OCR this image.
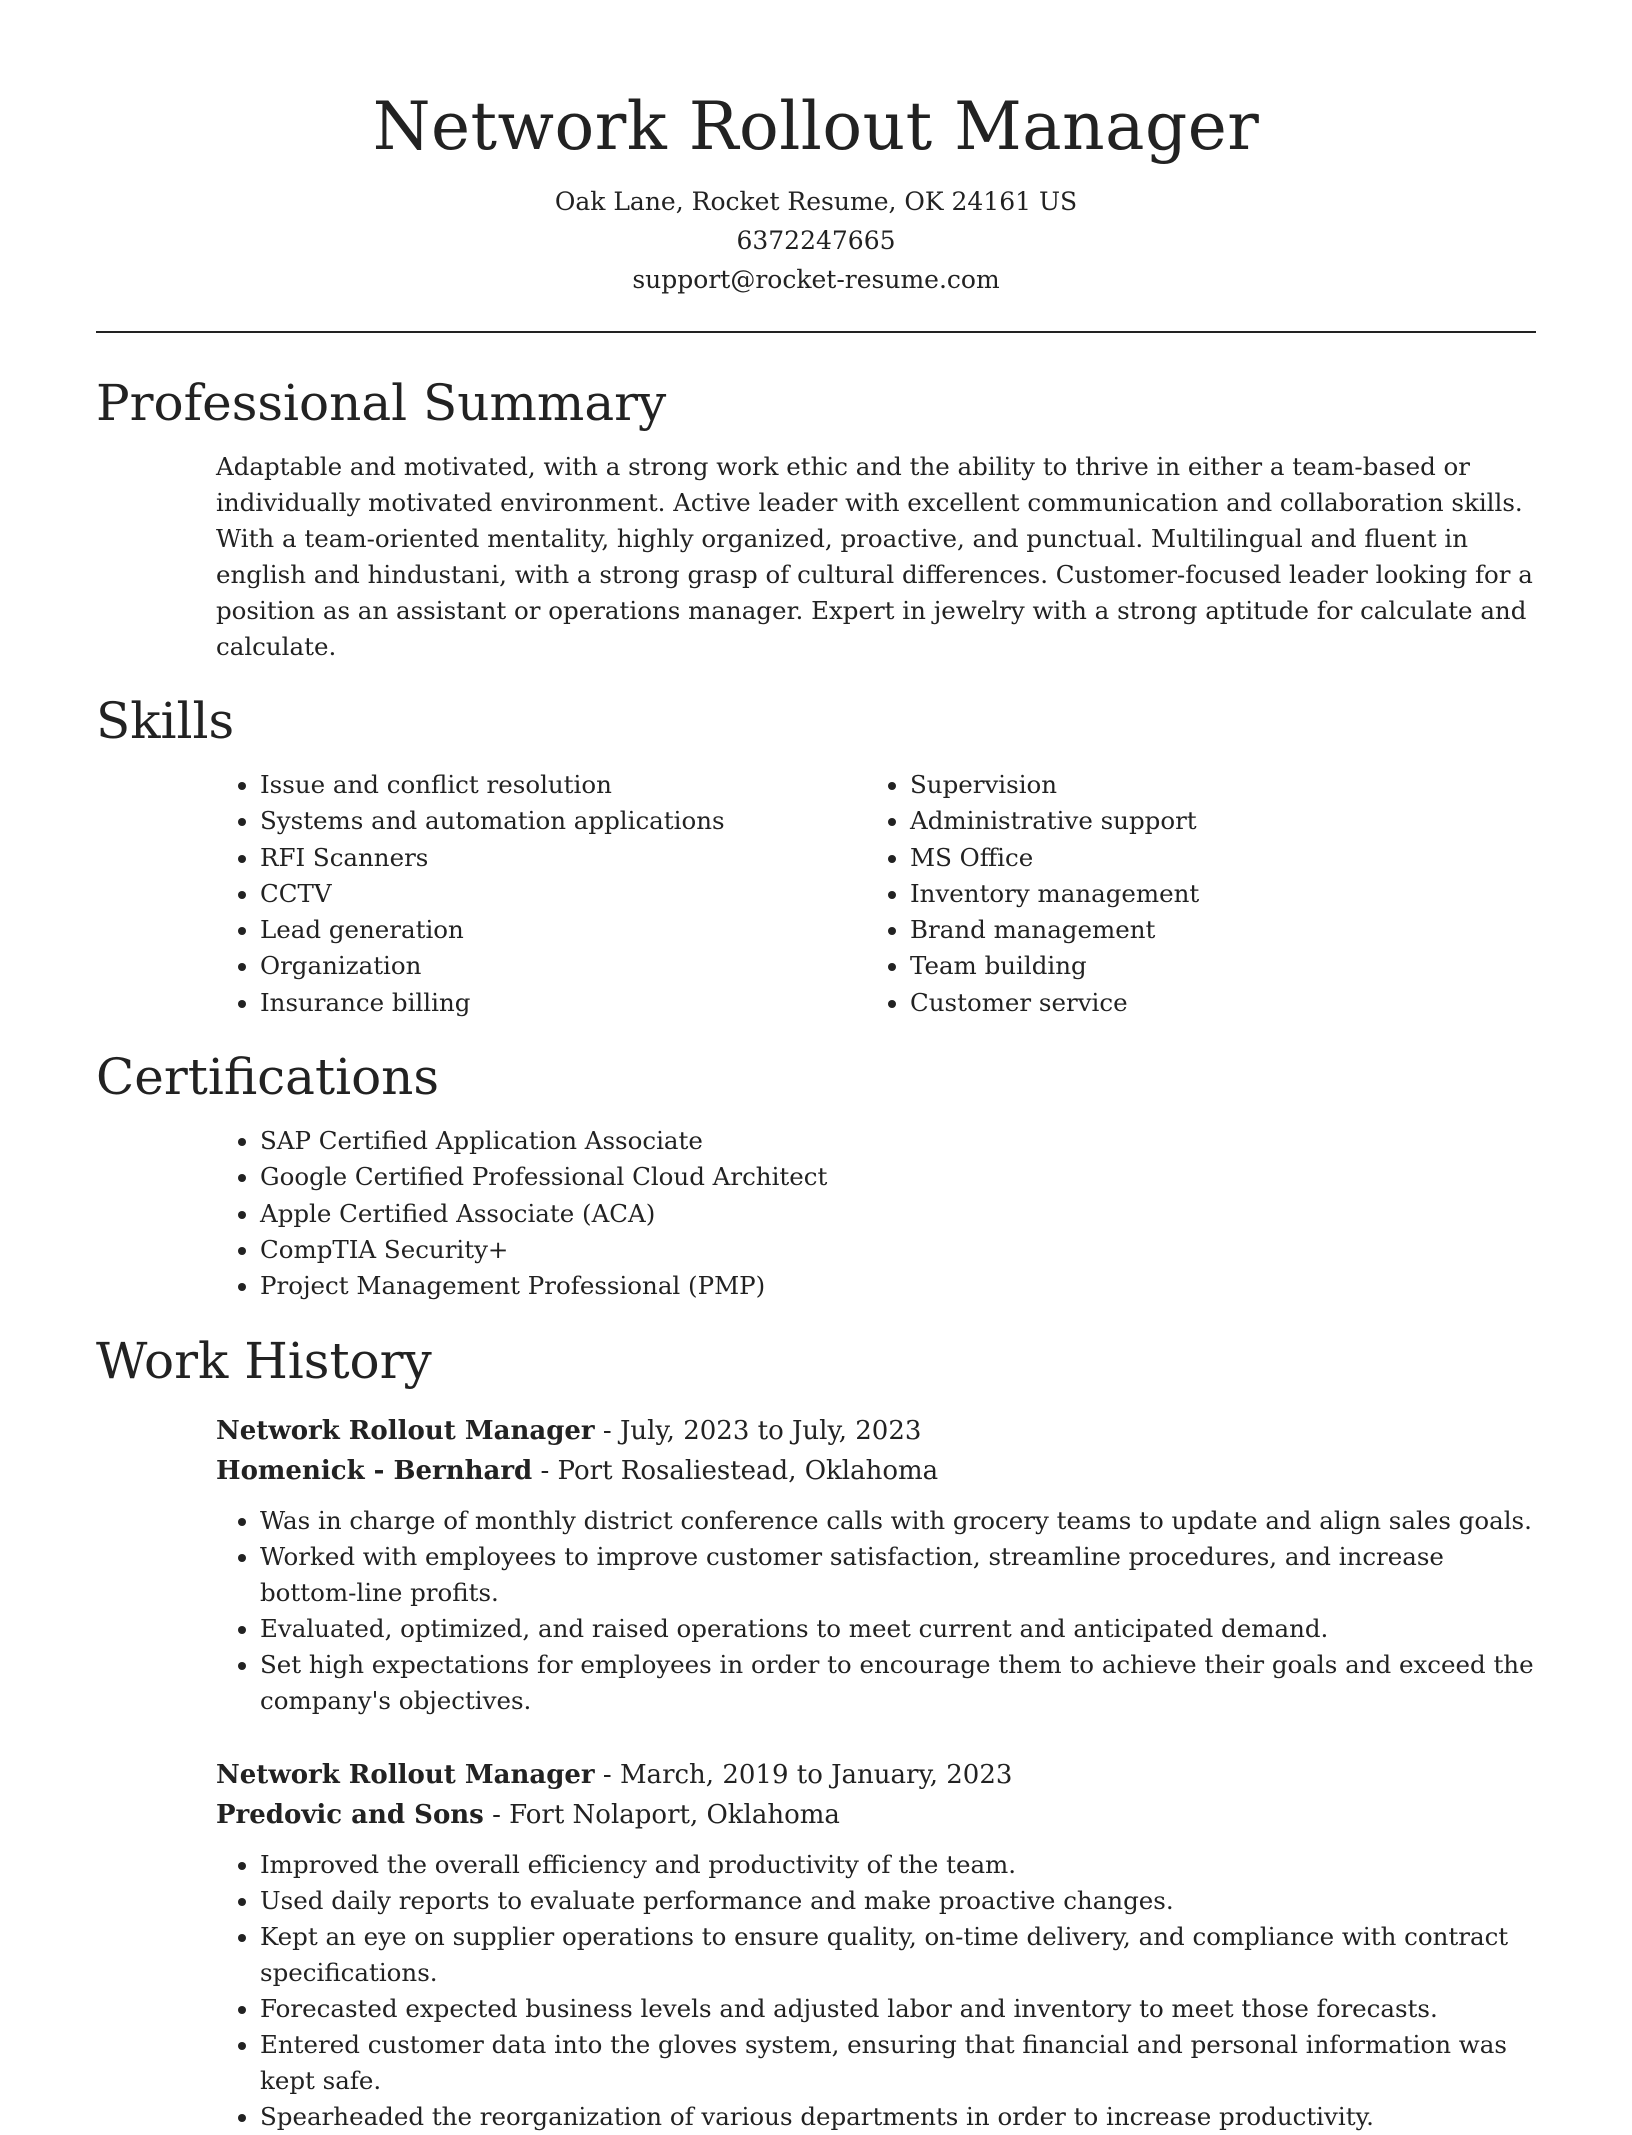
Network Rollout Manager
Oak Lane, Rocket Resume, OK 24161 US
6372247665
support@rocket-resume.com
Professional Summary

Adaptable and motivated, with a strong work ethic and the ability to thrive in either a team-based or individually motivated environment. Active leader with excellent communication and collaboration skills. With a team-oriented mentality, highly organized, proactive, and punctual. Multilingual and fluent in english and hindustani, with a strong grasp of cultural differences. Customer-focused leader looking for a position as an assistant or operations manager. Expert in jewelry with a strong aptitude for calculate and calculate.

Skills
• Issue and conflict resolution
• Systems and automation applications
• RFI Scanners
• CCTV
• Lead generation
• Organization
• Insurance billing
• Supervision
• Administrative support
• MS Office
• Inventory management
• Brand management
• Team building
• Customer service
Certifications
• SAP Certified Application Associate
• Google Certified Professional Cloud Architect
• Apple Certified Associate (ACA)
• CompTIA Security+
• Project Management Professional (PMP)
Work History
Network Rollout Manager - July, 2023 to July, 2023
Homenick - Bernhard - Port Rosaliestead, Oklahoma
• Was in charge of monthly district conference calls with grocery teams to update and align sales goals.
• Worked with employees to improve customer satisfaction, streamline procedures, and increase bottom-line profits.
• Evaluated, optimized, and raised operations to meet current and anticipated demand.
• Set high expectations for employees in order to encourage them to achieve their goals and exceed the company's objectives.
Network Rollout Manager - March, 2019 to January, 2023
Predovic and Sons - Fort Nolaport, Oklahoma
• Improved the overall efficiency and productivity of the team.
• Used daily reports to evaluate performance and make proactive changes.
• Kept an eye on supplier operations to ensure quality, on-time delivery, and compliance with contract specifications.
• Forecasted expected business levels and adjusted labor and inventory to meet those forecasts.
• Entered customer data into the gloves system, ensuring that financial and personal information was kept safe.
• Spearheaded the reorganization of various departments in order to increase productivity.
